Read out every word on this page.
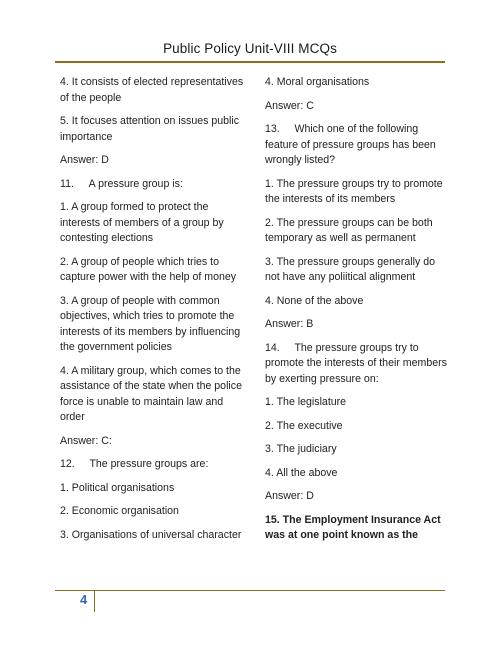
Public Policy Unit-VIII MCQs

4. It consists of elected representatives of the people

5. It focuses attention on issues public importance

Answer: D

11.     A pressure group is:

1. A group formed to protect the interests of members of a group by contesting elections

2. A group of people which tries to capture power with the help of money

3. A group of people with common objectives, which tries to promote the interests of its members by influencing the government policies

4. A military group, which comes to the assistance of the state when the police force is unable to maintain law and order

Answer: C:

12.     The pressure groups are:

1. Political organisations

2. Economic organisation

3. Organisations of universal character

4. Moral organisations

Answer: C

13.     Which one of the following feature of pressure groups has been wrongly listed?

1. The pressure groups try to promote the interests of its members

2. The pressure groups can be both temporary as well as permanent

3. The pressure groups generally do not have any poliitical alignment

4. None of the above

Answer: B

14.     The pressure groups try to promote the interests of their members by exerting pressure on:

1. The legislature

2. The executive

3. The judiciary

4. All the above

Answer: D

15. The Employment Insurance Act was at one point known as the

4
